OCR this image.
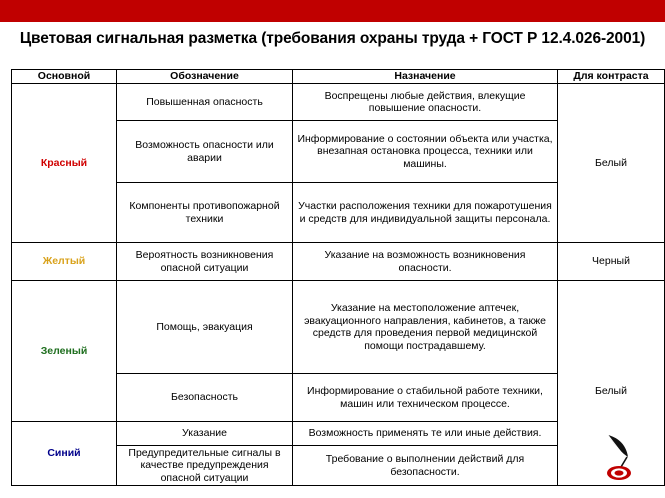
Цветовая сигнальная разметка (требования охраны труда + ГОСТ Р 12.4.026-2001)
Основной	Обозначение	Назначение	Для контраста
Красный	Повышенная опасность	Воспрещены любые действия, влекущие повышение опасности.	Белый
	Возможность опасности или аварии	Информирование о состоянии объекта или участка, внезапная остановка процесса, техники или машины.	
	Компоненты противопожарной техники	Участки расположения техники для пожаротушения и средств для индивидуальной защиты персонала.	
Желтый	Вероятность возникновения опасной ситуации	Указание на возможность возникновения опасности.	Черный
Зеленый	Помощь, эвакуация	Указание на местоположение аптечек, эвакуационного направления, кабинетов, а также средств для проведения первой медицинской помощи пострадавшему.	Белый
	Безопасность	Информирование о стабильной работе техники, машин или техническом процессе.	
Синий	Указание	Возможность применять те или иные действия.	
	Предупредительные сигналы в качестве предупреждения опасной ситуации	Требование о выполнении действий для безопасности.	
